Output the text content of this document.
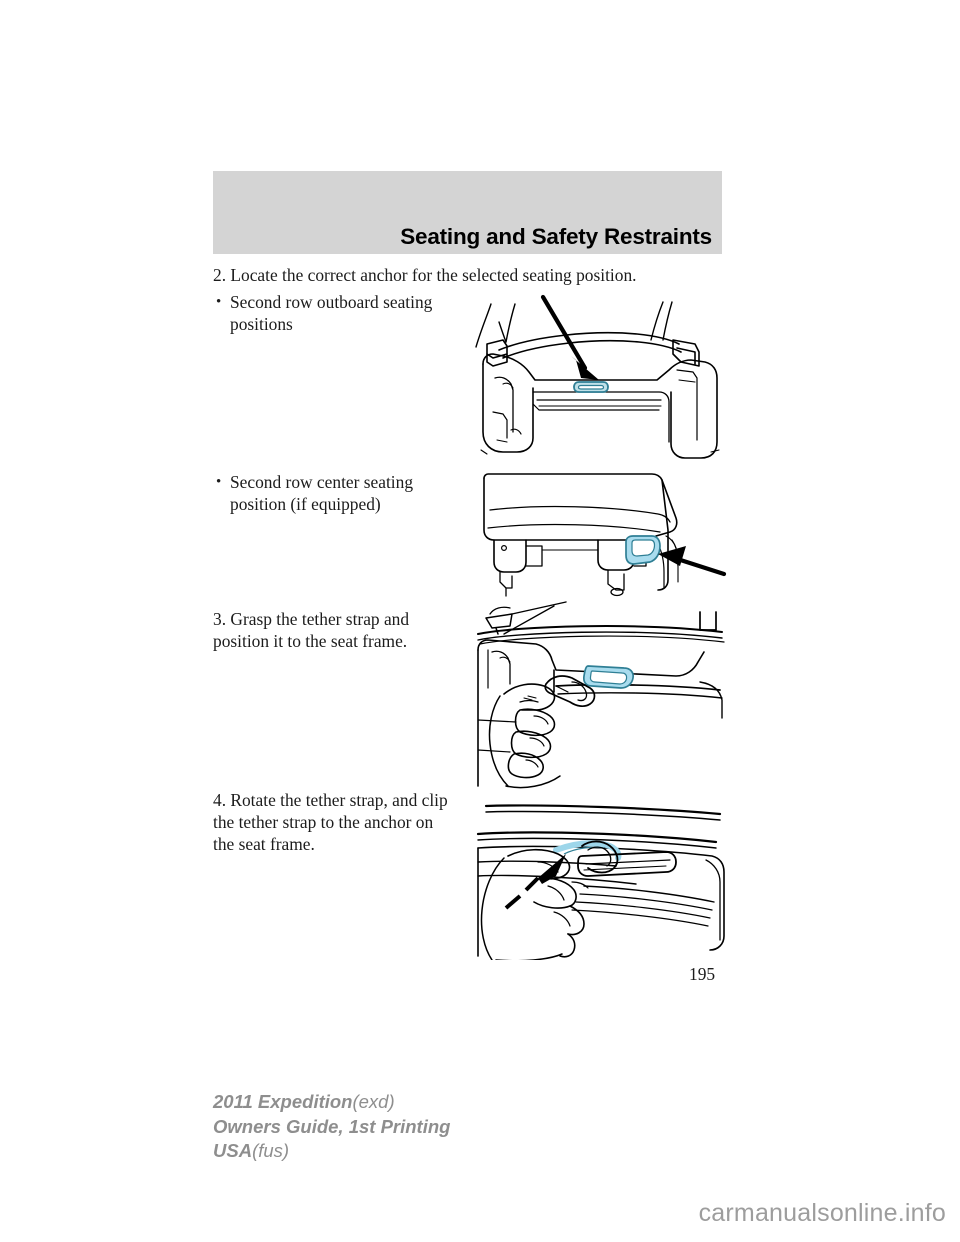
Seating and Safety Restraints
2. Locate the correct anchor for the selected seating position.
• Second row outboard seating
positions
• Second row center seating
position (if equipped)
3. Grasp the tether strap and
position it to the seat frame.
4. Rotate the tether strap, and clip
the tether strap to the anchor on
the seat frame.
195
2011 Expedition(exd)
Owners Guide, 1st Printing
USA(fus)
carmanualsonline.info
